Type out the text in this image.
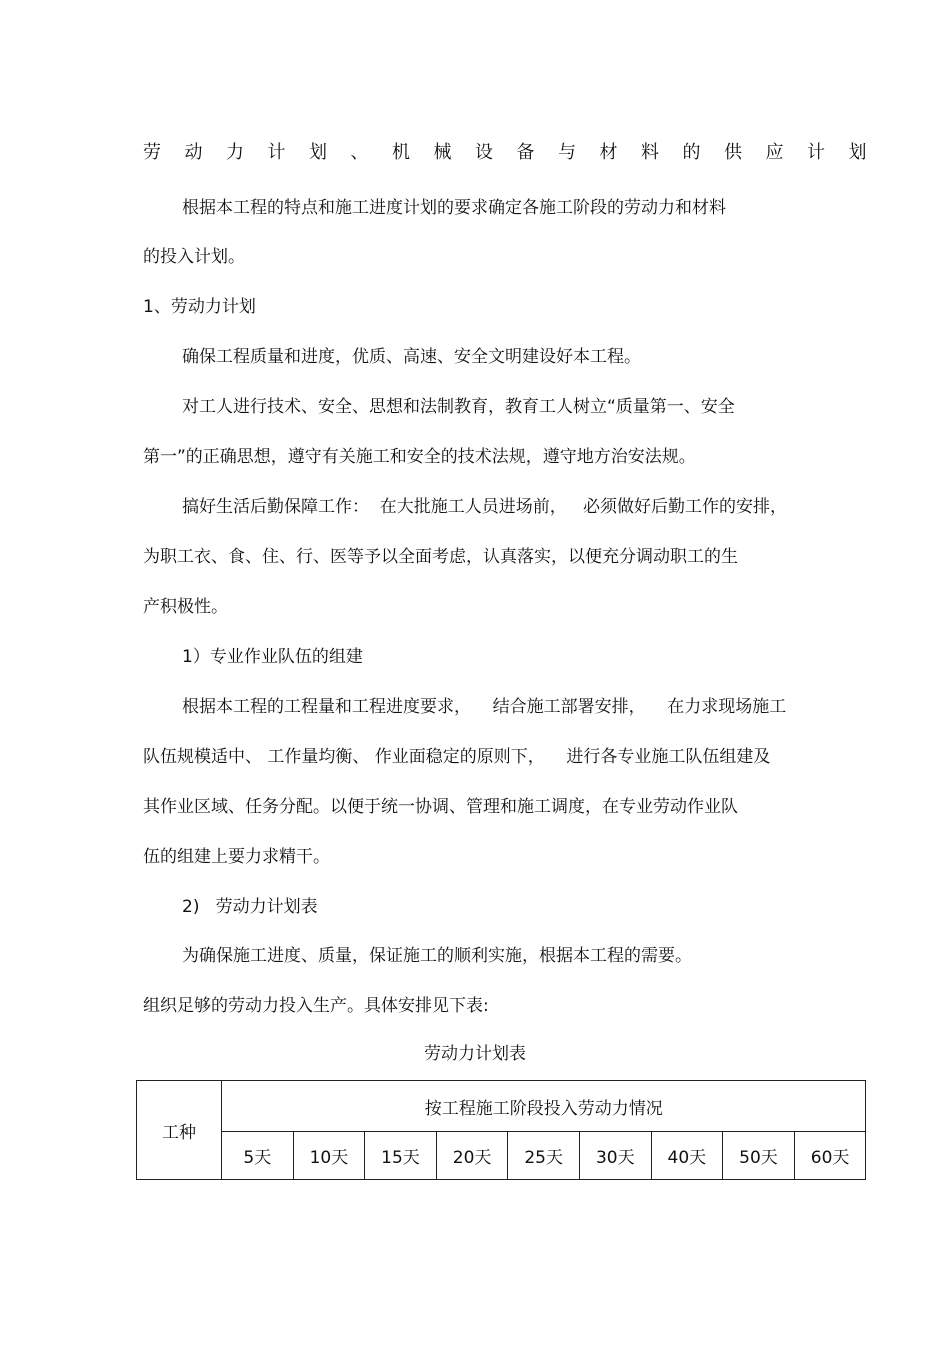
劳动力计划、机械设备与材料的供应计划
根据本工程的特点和施工进度计划的要求确定各施工阶段的劳动力和材料
的投入计划。
1、劳动力计划
确保工程质量和进度，优质、高速、安全文明建设好本工程。
对工人进行技术、安全、思想和法制教育，教育工人树立“质量第一、安全
第一”的正确思想，遵守有关施工和安全的技术法规，遵守地方治安法规。
搞好生活后勤保障工作：  在大批施工人员进场前，   必须做好后勤工作的安排，
为职工衣、食、住、行、医等予以全面考虑，认真落实，以便充分调动职工的生
产积极性。
1）专业作业队伍的组建
根据本工程的工程量和工程进度要求，    结合施工部署安排，    在力求现场施工
队伍规模适中、 工作量均衡、 作业面稳定的原则下，    进行各专业施工队伍组建及
其作业区域、任务分配。以便于统一协调、管理和施工调度，在专业劳动作业队
伍的组建上要力求精干。
2)   劳动力计划表
为确保施工进度、质量，保证施工的顺利实施，根据本工程的需要。
组织足够的劳动力投入生产。具体安排见下表:
劳动力计划表
工种	按工程施工阶段投入劳动力情况								
	5天	10天	15天	20天	25天	30天	40天	50天	60天
